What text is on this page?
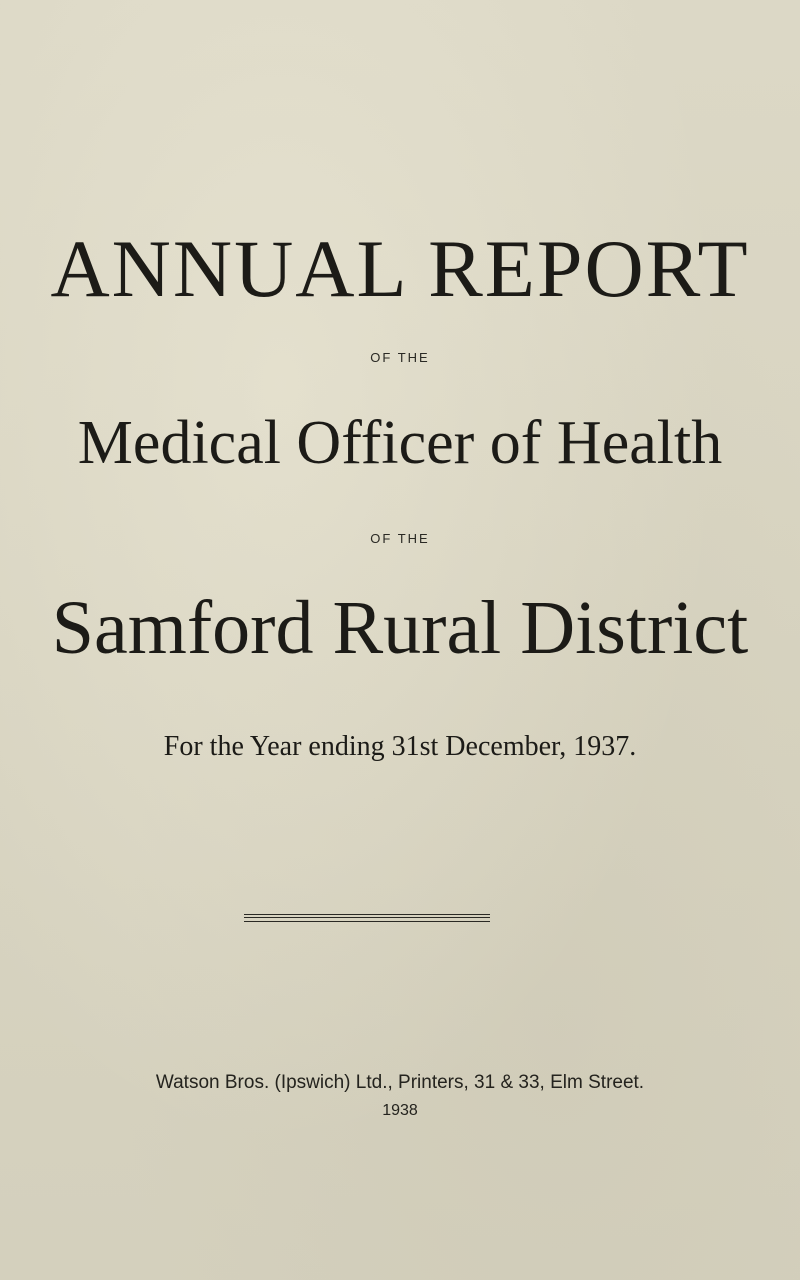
ANNUAL REPORT
OF THE
Medical Officer of Health
OF THE
Samford Rural District
For the Year ending 31st December, 1937.
Watson Bros. (Ipswich) Ltd., Printers, 31 & 33, Elm Street.
1938
